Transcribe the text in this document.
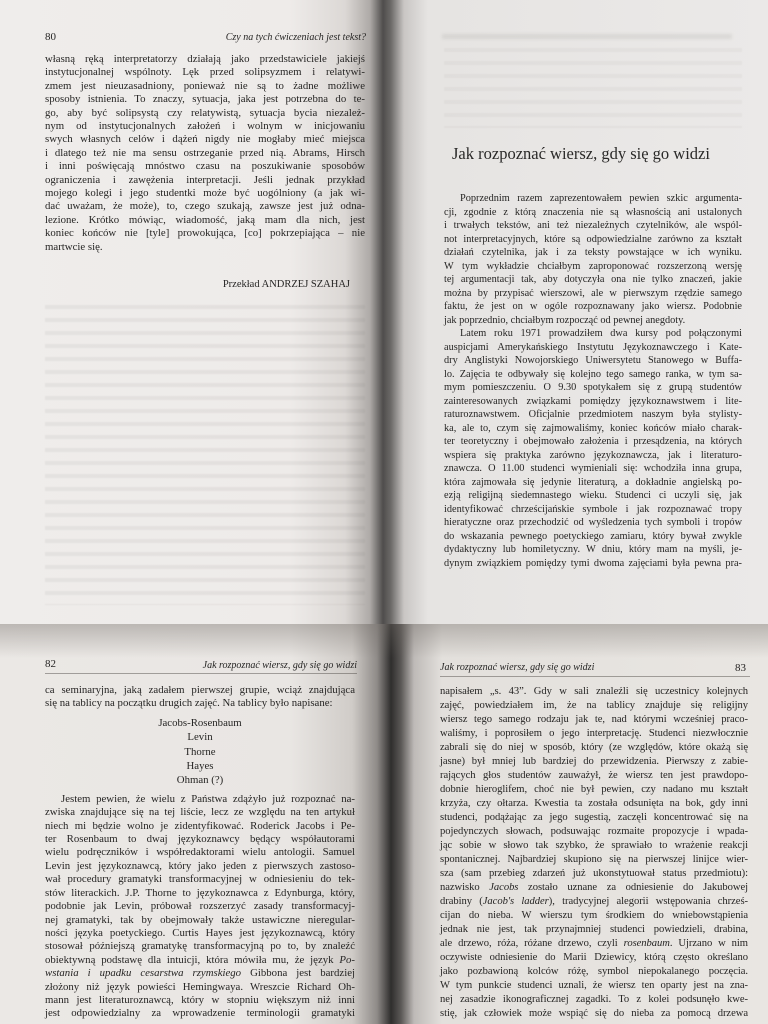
80	Czy na tych ćwiczeniach jest tekst?
własną ręką interpretatorzy działają jako przedstawiciele jakiejś
instytucjonalnej wspólnoty. Lęk przed solipsyzmem i relatywi-
zmem jest nieuzasadniony, ponieważ nie są to żadne możliwe
sposoby istnienia. To znaczy, sytuacja, jaka jest potrzebna do te-
go, aby być solipsystą czy relatywistą, sytuacja bycia niezależ-
nym od instytucjonalnych założeń i wolnym w inicjowaniu
swych własnych celów i dążeń nigdy nie mogłaby mieć miejsca
i dlatego też nie ma sensu ostrzeganie przed nią. Abrams, Hirsch
i inni poświęcają mnóstwo czasu na poszukiwanie sposobów
ograniczenia i zawężenia interpretacji. Jeśli jednak przykład
mojego kolegi i jego studentki może być uogólniony (a jak wi-
dać uważam, że może), to, czego szukają, zawsze jest już odna-
lezione. Krótko mówiąc, wiadomość, jaką mam dla nich, jest
koniec końców nie [tyle] prowokująca, [co] pokrzepiająca – nie
martwcie się.
Przekład ANDRZEJ SZAHAJ
Jak rozpoznać wiersz, gdy się go widzi
Poprzednim razem zaprezentowałem pewien szkic argumenta-
cji, zgodnie z którą znaczenia nie są własnością ani ustalonych
i trwałych tekstów, ani też niezależnych czytelników, ale wspól-
not interpretacyjnych, które są odpowiedzialne zarówno za kształt
działań czytelnika, jak i za teksty powstające w ich wyniku.
W tym wykładzie chciałbym zaproponować rozszerzoną wersję
tej argumentacji tak, aby dotyczyła ona nie tylko znaczeń, jakie
można by przypisać wierszowi, ale w pierwszym rzędzie samego
faktu, że jest on w ogóle rozpoznawany jako wiersz. Podobnie
jak poprzednio, chciałbym rozpocząć od pewnej anegdoty.
Latem roku 1971 prowadziłem dwa kursy pod połączonymi
auspicjami Amerykańskiego Instytutu Językoznawczego i Kate-
dry Anglistyki Nowojorskiego Uniwersytetu Stanowego w Buffa-
lo. Zajęcia te odbywały się kolejno tego samego ranka, w tym sa-
mym pomieszczeniu. O 9.30 spotykałem się z grupą studentów
zainteresowanych związkami pomiędzy językoznawstwem i lite-
raturoznawstwem. Oficjalnie przedmiotem naszym była stylisty-
ka, ale to, czym się zajmowaliśmy, koniec końców miało charak-
ter teoretyczny i obejmowało założenia i przesądzenia, na których
wspiera się praktyka zarówno językoznawcza, jak i literaturo-
znawcza. O 11.00 studenci wymieniali się: wchodziła inna grupa,
która zajmowała się jedynie literaturą, a dokładnie angielską po-
ezją religijną siedemnastego wieku. Studenci ci uczyli się, jak
identyfikować chrześcijańskie symbole i jak rozpoznawać tropy
hieratyczne oraz przechodzić od wyśledzenia tych symboli i tropów
do wskazania pewnego poetyckiego zamiaru, który bywał zwykle
dydaktyczny lub homiletyczny. W dniu, który mam na myśli, je-
dynym związkiem pomiędzy tymi dwoma zajęciami była pewna pra-
82	Jak rozpoznać wiersz, gdy się go widzi
ca seminaryjna, jaką zadałem pierwszej grupie, wciąż znajdująca
się na tablicy na początku drugich zajęć. Na tablicy było napisane:
Jacobs-Rosenbaum
Levin
Thorne
Hayes
Ohman (?)
Jestem pewien, że wielu z Państwa zdążyło już rozpoznać na-
zwiska znajdujące się na tej liście, lecz ze względu na ten artykuł
niech mi będzie wolno je zidentyfikować. Roderick Jacobs i Pe-
ter Rosenbaum to dwaj językoznawcy będący współautorami
wielu podręczników i współredaktorami wielu antologii. Samuel
Levin jest językoznawcą, który jako jeden z pierwszych zastoso-
wał procedury gramatyki transformacyjnej w odniesieniu do tek-
stów literackich. J.P. Thorne to językoznawca z Edynburga, który,
podobnie jak Levin, próbował rozszerzyć zasady transformacyj-
nej gramatyki, tak by obejmowały także ustawiczne nieregular-
ności języka poetyckiego. Curtis Hayes jest językoznawcą, który
stosował późniejszą gramatykę transformacyjną po to, by znaleźć
obiektywną podstawę dla intuicji, która mówiła mu, że język Po-
wstania i upadku cesarstwa rzymskiego Gibbona jest bardziej
złożony niż język powieści Hemingwaya. Wreszcie Richard Oh-
mann jest literaturoznawcą, który w stopniu większym niż inni
jest odpowiedzialny za wprowadzenie terminologii gramatyki
Jak rozpoznać wiersz, gdy się go widzi	83
napisałem „s. 43”. Gdy w sali znaleźli się uczestnicy kolejnych
zajęć, powiedziałem im, że na tablicy znajduje się religijny
wiersz tego samego rodzaju jak te, nad którymi wcześniej praco-
waliśmy, i poprosiłem o jego interpretację. Studenci niezwłocznie
zabrali się do niej w sposób, który (ze względów, które okażą się
jasne) był mniej lub bardziej do przewidzenia. Pierwszy z zabie-
rających głos studentów zauważył, że wiersz ten jest prawdopo-
dobnie hieroglifem, choć nie był pewien, czy nadano mu kształt
krzyża, czy ołtarza. Kwestia ta została odsunięta na bok, gdy inni
studenci, podążając za jego sugestią, zaczęli koncentrować się na
pojedynczych słowach, podsuwając rozmaite propozycje i wpada-
jąc sobie w słowo tak szybko, że sprawiało to wrażenie reakcji
spontanicznej. Najbardziej skupiono się na pierwszej linijce wier-
sza (sam przebieg zdarzeń już ukonstytuował status przedmiotu):
nazwisko Jacobs zostało uznane za odniesienie do Jakubowej
drabiny (Jacob's ladder), tradycyjnej alegorii wstępowania chrześ-
cijan do nieba. W wierszu tym środkiem do wniebowstąpienia
jednak nie jest, tak przynajmniej studenci powiedzieli, drabina,
ale drzewo, róża, różane drzewo, czyli rosenbaum. Ujrzano w nim
oczywiste odniesienie do Marii Dziewicy, którą często określano
jako pozbawioną kolców różę, symbol niepokalanego poczęcia.
W tym punkcie studenci uznali, że wiersz ten oparty jest na zna-
nej zasadzie ikonograficznej zagadki. To z kolei podsunęło kwe-
stię, jak człowiek może wspiąć się do nieba za pomocą drzewa
